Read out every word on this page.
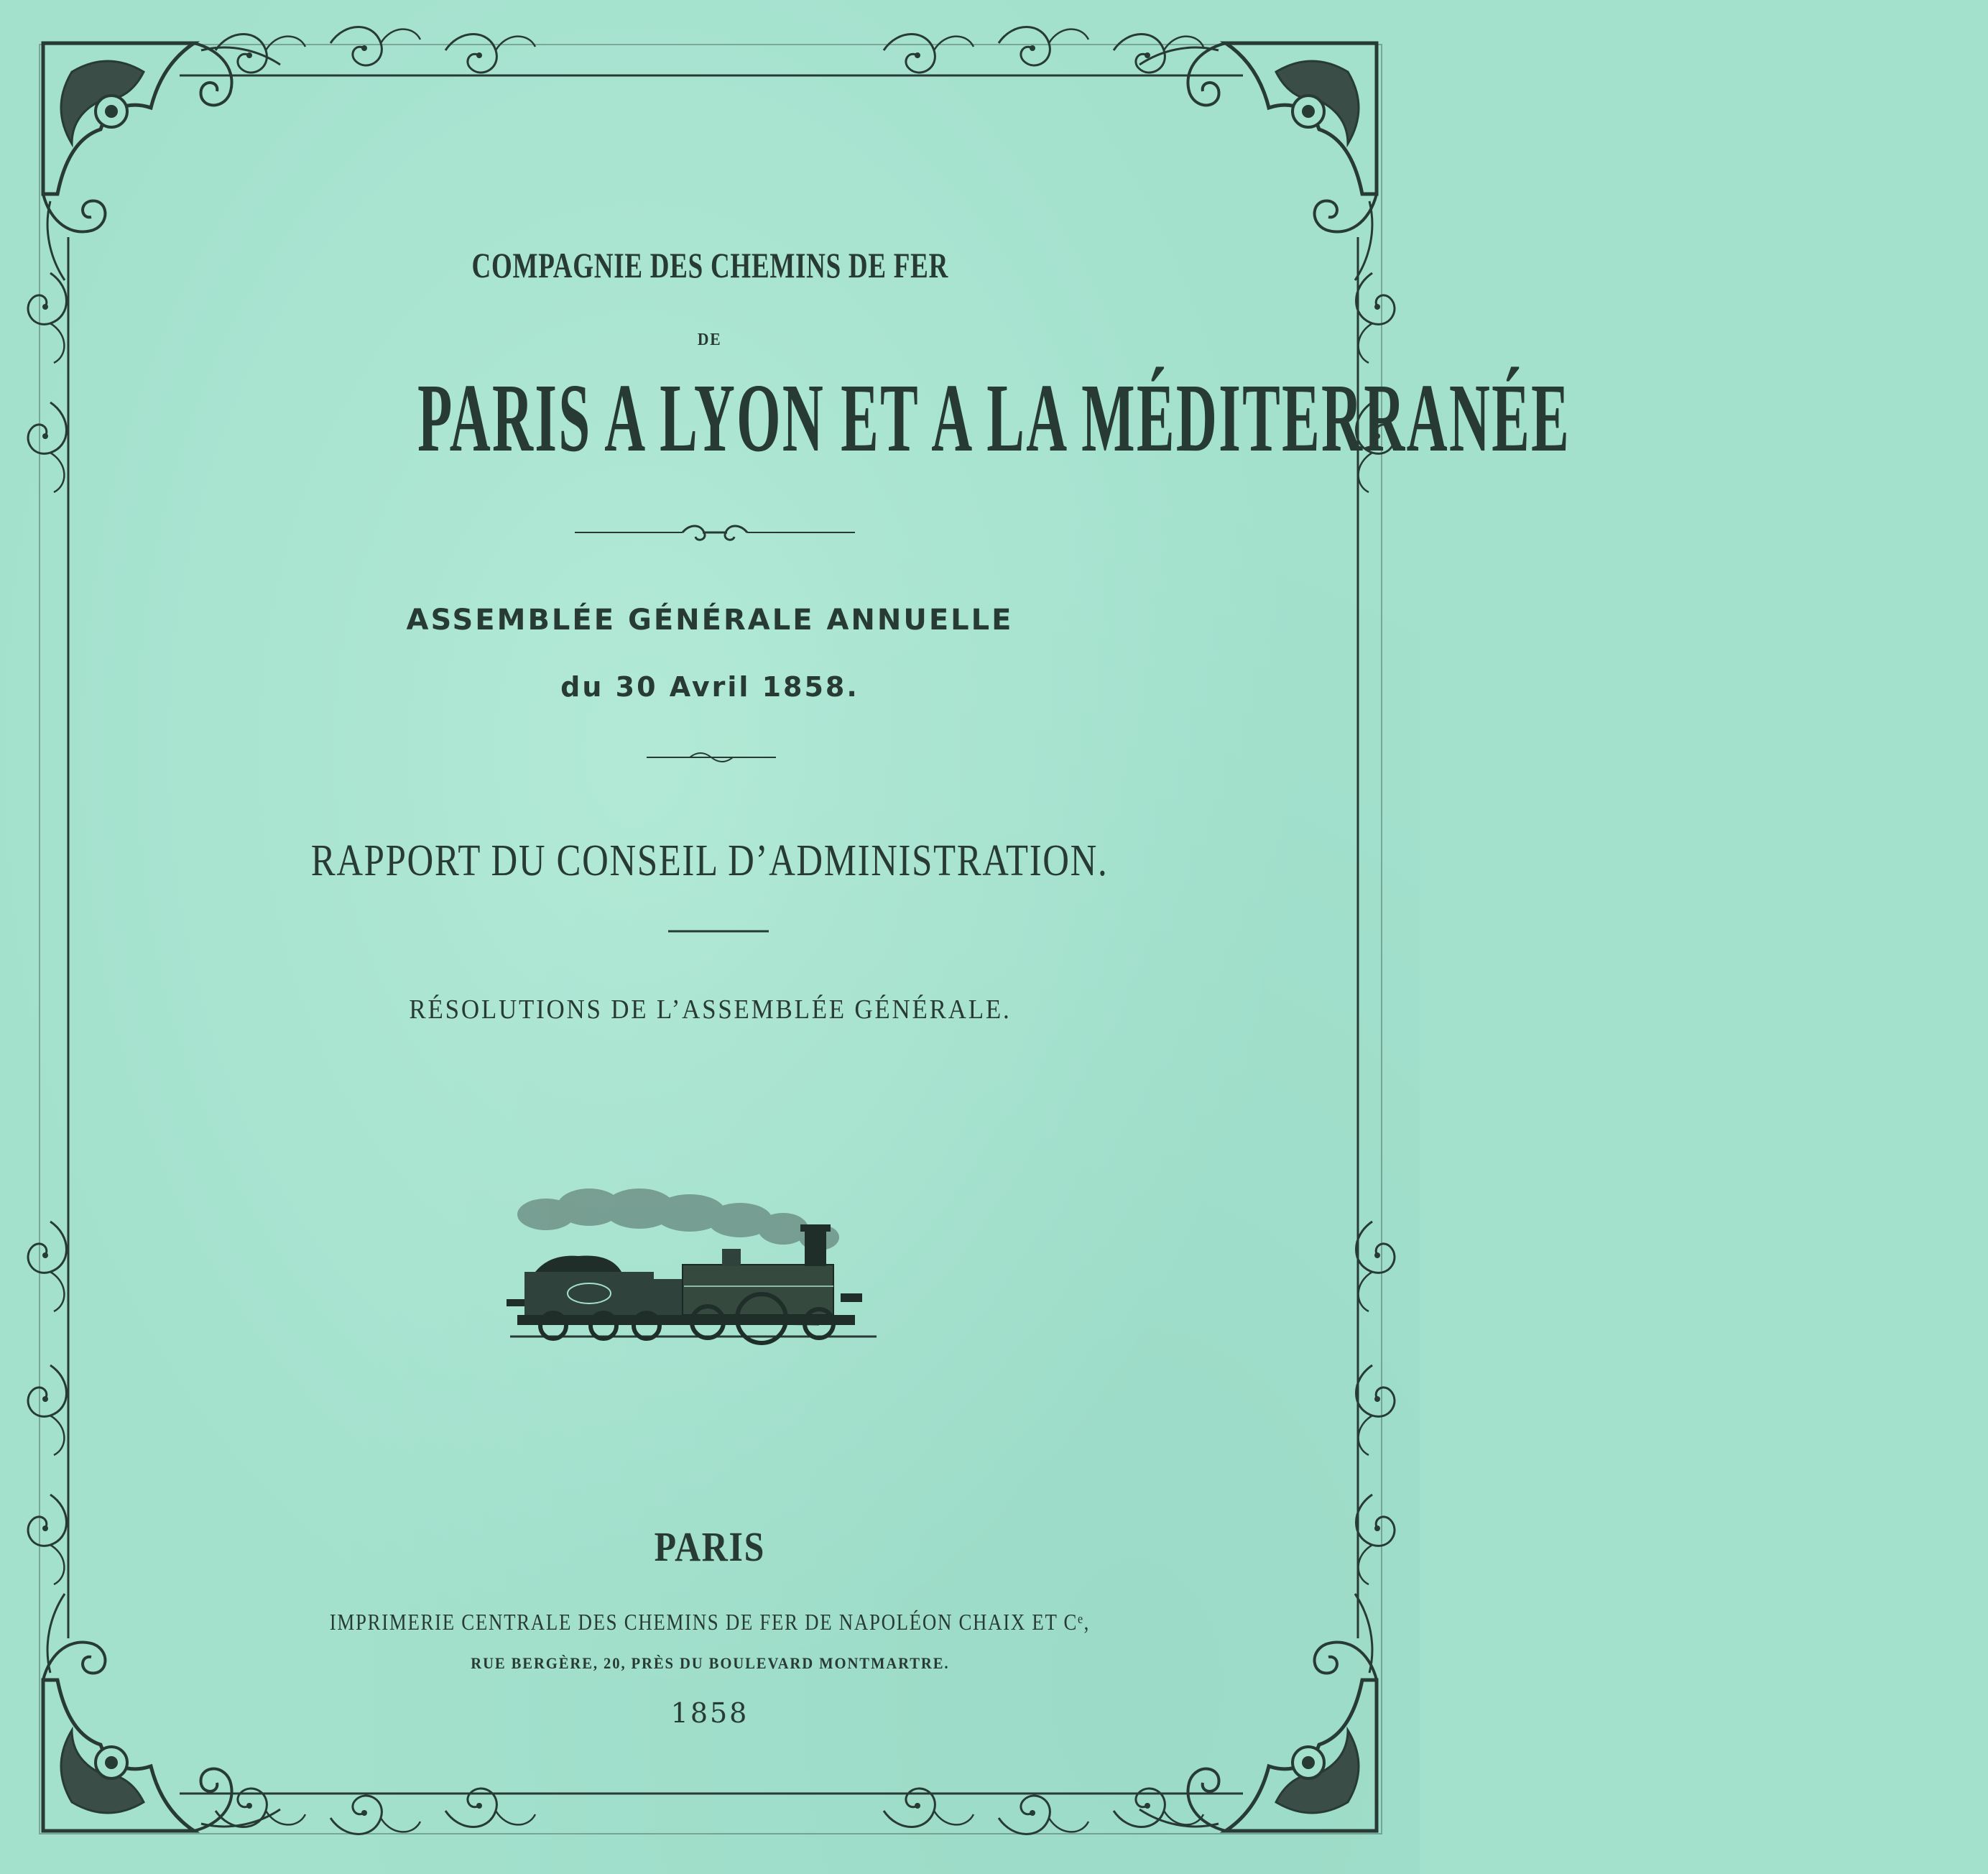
COMPAGNIE DES CHEMINS DE FER
DE
PARIS A LYON ET A LA MÉDITERRANÉE
ASSEMBLÉE GÉNÉRALE ANNUELLE
du 30 Avril 1858.
RAPPORT DU CONSEIL D’ADMINISTRATION.
RÉSOLUTIONS DE L’ASSEMBLÉE GÉNÉRALE.
PARIS
IMPRIMERIE CENTRALE DES CHEMINS DE FER DE NAPOLÉON CHAIX ET Cᵉ,
RUE BERGÈRE, 20, PRÈS DU BOULEVARD MONTMARTRE.
1858
